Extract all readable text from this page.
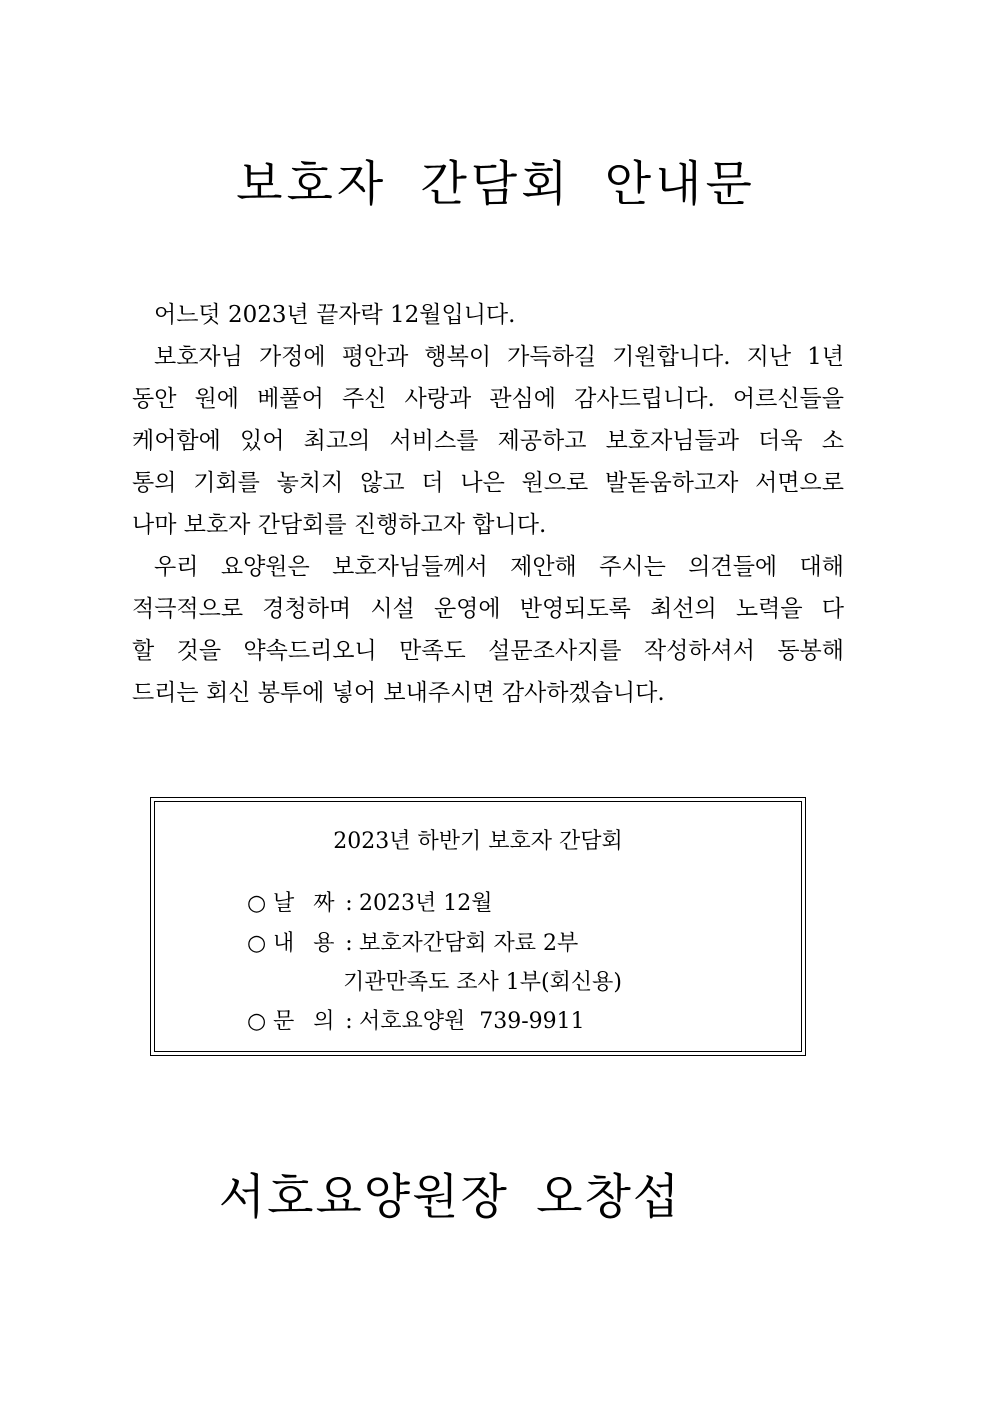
보호자 간담회 안내문
어느덧 2023년 끝자락 12월입니다.
보호자님 가정에 평안과 행복이 가득하길 기원합니다. 지난 1년
동안 원에 베풀어 주신 사랑과 관심에 감사드립니다. 어르신들을
케어함에 있어 최고의 서비스를 제공하고 보호자님들과 더욱 소
통의 기회를 놓치지 않고 더 나은 원으로 발돋움하고자 서면으로
나마 보호자 간담회를 진행하고자 합니다.
우리 요양원은 보호자님들께서 제안해 주시는 의견들에 대해
적극적으로 경청하며 시설 운영에 반영되도록 최선의 노력을 다
할 것을 약속드리오니 만족도 설문조사지를 작성하셔서 동봉해
드리는 회신 봉투에 넣어 보내주시면 감사하겠습니다.
2023년 하반기 보호자 간담회
○ 날 짜 : 2023년 12월
○ 내 용 : 보호자간담회 자료 2부
기관만족도 조사 1부(회신용)
○ 문 의 : 서호요양원  739-9911
서호요양원장 오창섭
